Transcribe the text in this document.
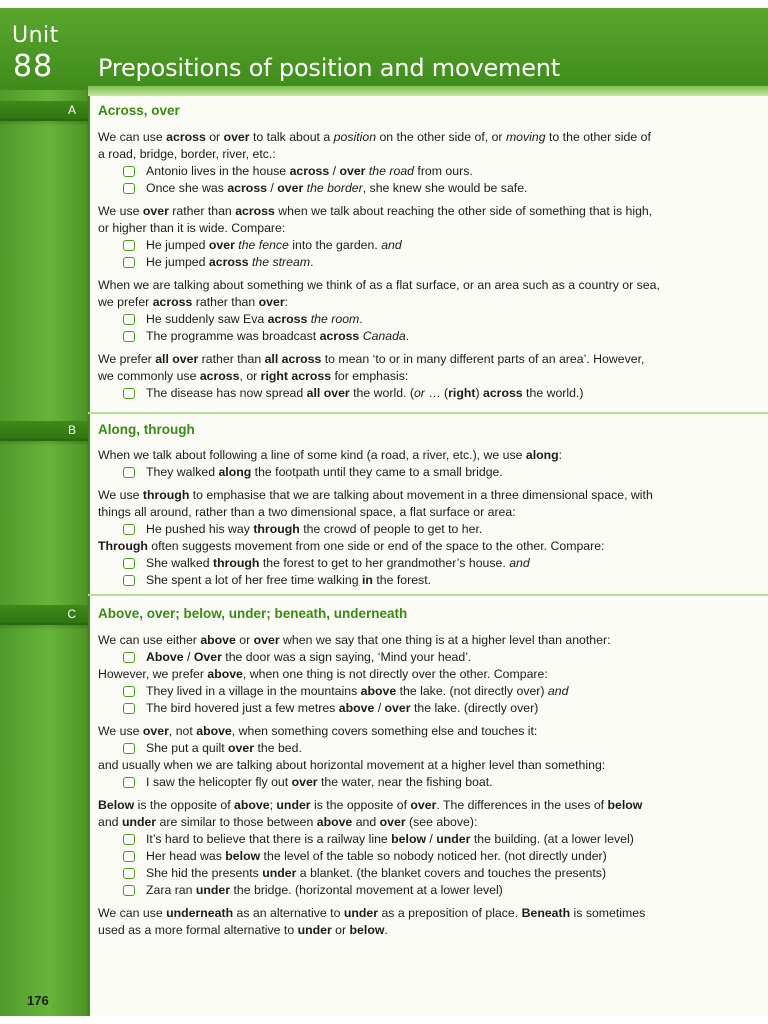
Unit
88 Prepositions of position and movement
A Across, over
We can use across or over to talk about a position on the other side of, or moving to the other side of
a road, bridge, border, river, etc.:
Antonio lives in the house across / over the road from ours.
Once she was across / over the border, she knew she would be safe.
We use over rather than across when we talk about reaching the other side of something that is high,
or higher than it is wide. Compare:
He jumped over the fence into the garden. and
He jumped across the stream.
When we are talking about something we think of as a flat surface, or an area such as a country or sea,
we prefer across rather than over:
He suddenly saw Eva across the room.
The programme was broadcast across Canada.
We prefer all over rather than all across to mean ‘to or in many different parts of an area’. However,
we commonly use across, or right across for emphasis:
The disease has now spread all over the world. (or … (right) across the world.)
B Along, through
When we talk about following a line of some kind (a road, a river, etc.), we use along:
They walked along the footpath until they came to a small bridge.
We use through to emphasise that we are talking about movement in a three dimensional space, with
things all around, rather than a two dimensional space, a flat surface or area:
He pushed his way through the crowd of people to get to her.
Through often suggests movement from one side or end of the space to the other. Compare:
She walked through the forest to get to her grandmother’s house. and
She spent a lot of her free time walking in the forest.
C Above, over; below, under; beneath, underneath
We can use either above or over when we say that one thing is at a higher level than another:
Above / Over the door was a sign saying, ‘Mind your head’.
However, we prefer above, when one thing is not directly over the other. Compare:
They lived in a village in the mountains above the lake. (not directly over) and
The bird hovered just a few metres above / over the lake. (directly over)
We use over, not above, when something covers something else and touches it:
She put a quilt over the bed.
and usually when we are talking about horizontal movement at a higher level than something:
I saw the helicopter fly out over the water, near the fishing boat.
Below is the opposite of above; under is the opposite of over. The differences in the uses of below
and under are similar to those between above and over (see above):
It’s hard to believe that there is a railway line below / under the building. (at a lower level)
Her head was below the level of the table so nobody noticed her. (not directly under)
She hid the presents under a blanket. (the blanket covers and touches the presents)
Zara ran under the bridge. (horizontal movement at a lower level)
We can use underneath as an alternative to under as a preposition of place. Beneath is sometimes
used as a more formal alternative to under or below.
176
